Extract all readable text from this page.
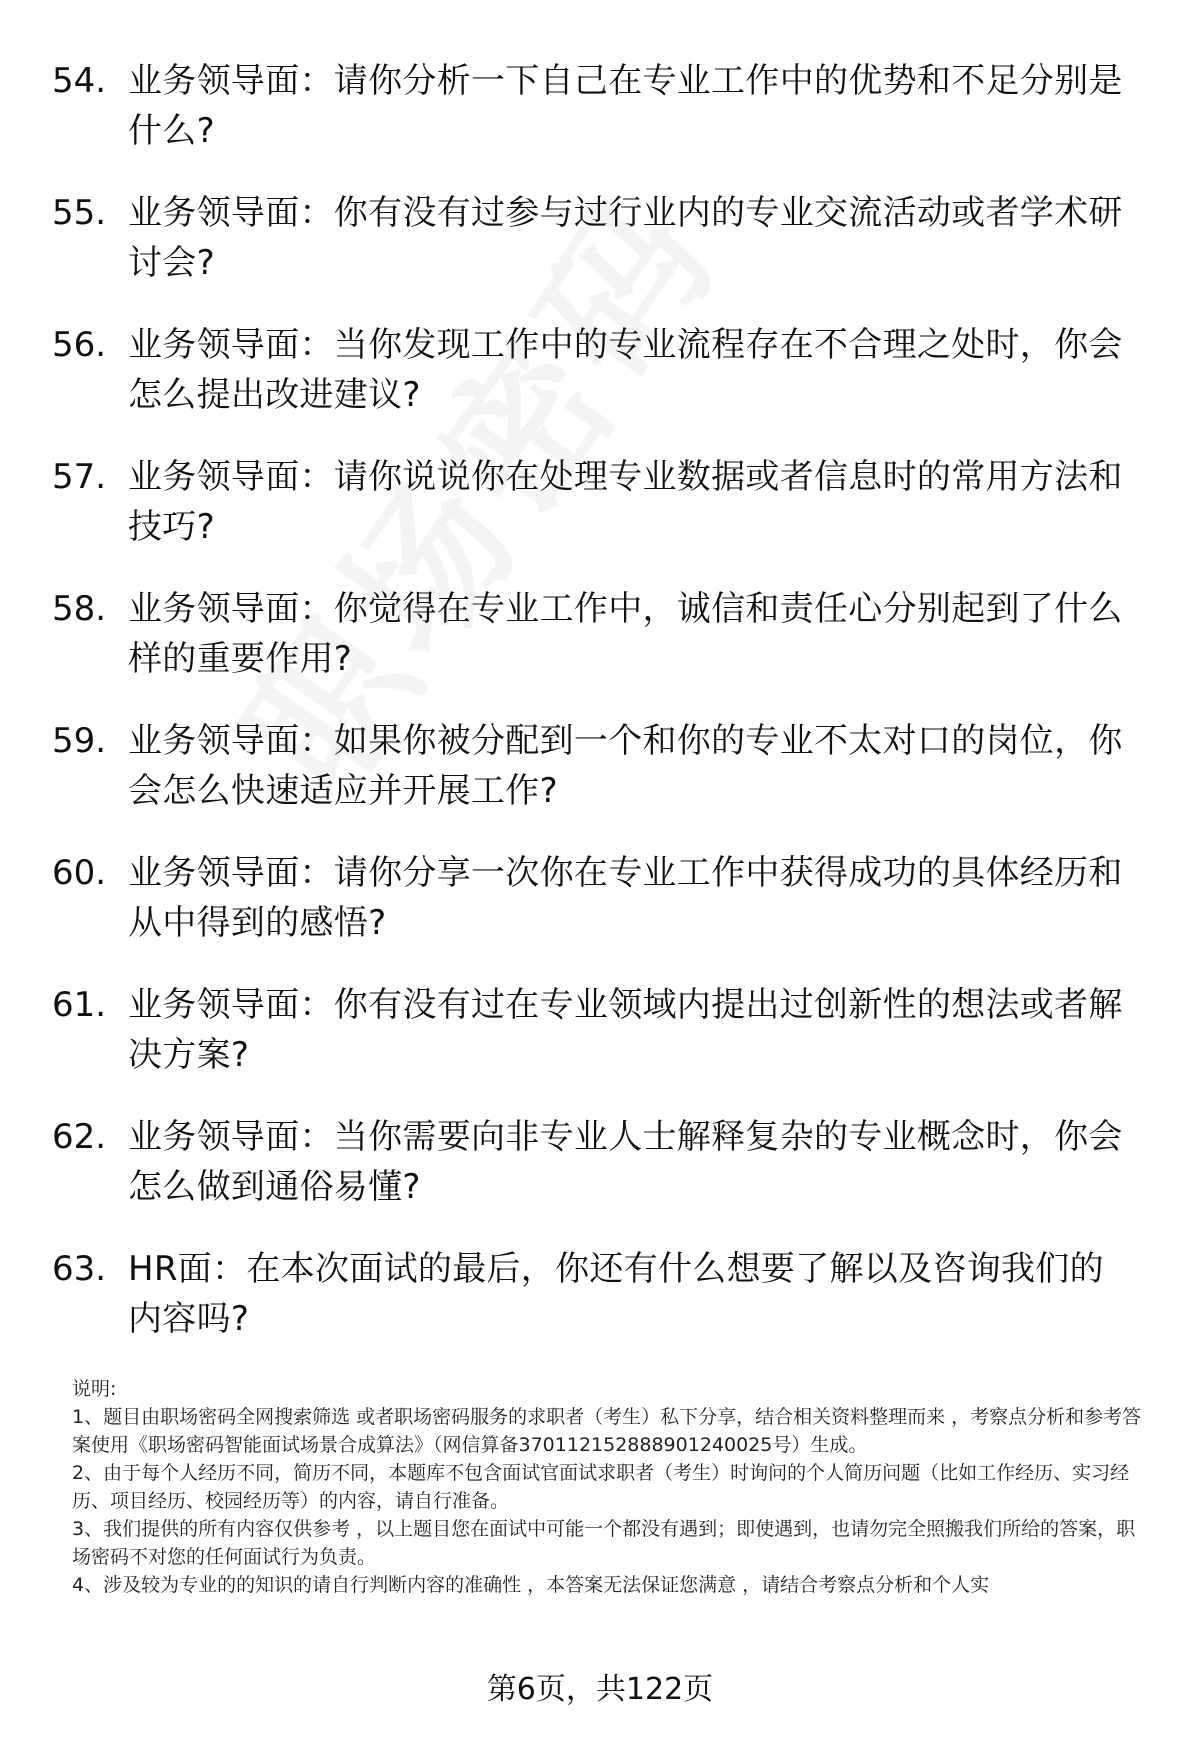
54. 业务领导面：请你分析一下自己在专业工作中的优势和不足分别是什么?
55. 业务领导面：你有没有过参与过行业内的专业交流活动或者学术研讨会?
56. 业务领导面：当你发现工作中的专业流程存在不合理之处时，你会怎么提出改进建议?
57. 业务领导面：请你说说你在处理专业数据或者信息时的常用方法和技巧?
58. 业务领导面：你觉得在专业工作中，诚信和责任心分别起到了什么样的重要作用?
59. 业务领导面：如果你被分配到一个和你的专业不太对口的岗位，你会怎么快速适应并开展工作?
60. 业务领导面：请你分享一次你在专业工作中获得成功的具体经历和从中得到的感悟?
61. 业务领导面：你有没有过在专业领域内提出过创新性的想法或者解决方案?
62. 业务领导面：当你需要向非专业人士解释复杂的专业概念时，你会怎么做到通俗易懂?
63. HR面：在本次面试的最后，你还有什么想要了解以及咨询我们的内容吗?

说明:

1、题目由职场密码全网搜索筛选 或者职场密码服务的求职者（考生）私下分享，结合相关资料整理而来 ，考察点分析和参考答案使用《职场密码智能面试场景合成算法》（网信算备370112152888901240025号）生成。

2、由于每个人经历不同，简历不同，本题库不包含面试官面试求职者（考生）时询问的个人简历问题（比如工作经历、实习经历、项目经历、校园经历等）的内容，请自行准备。

3、我们提供的所有内容仅供参考 ，以上题目您在面试中可能一个都没有遇到；即使遇到，也请勿完全照搬我们所给的答案，职场密码不对您的任何面试行为负责。

4、涉及较为专业的的知识的请自行判断内容的准确性 ，本答案无法保证您满意 ，请结合考察点分析和个人实

第6页，共122页
